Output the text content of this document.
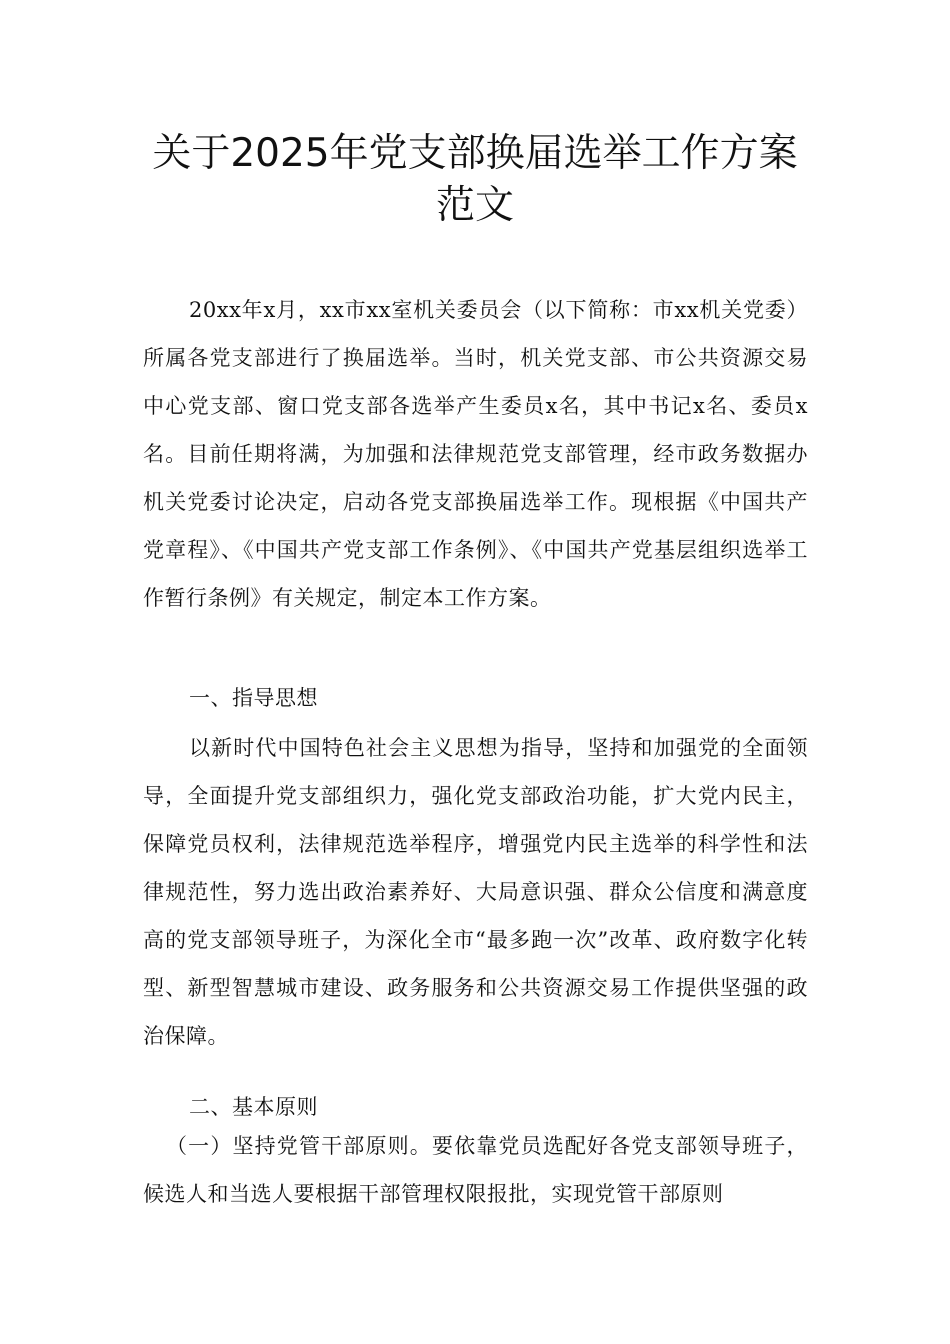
关于2025年党支部换届选举工作方案
范文

20xx年x月，xx市xx室机关委员会（以下简称：市xx机关党委）所属各党支部进行了换届选举。当时，机关党支部、市公共资源交易中心党支部、窗口党支部各选举产生委员x名，其中书记x名、委员x名。目前任期将满，为加强和法律规范党支部管理，经市政务数据办机关党委讨论决定，启动各党支部换届选举工作。现根据《中国共产党章程》、《中国共产党支部工作条例》、《中国共产党基层组织选举工作暂行条例》有关规定，制定本工作方案。

一、指导思想

以新时代中国特色社会主义思想为指导，坚持和加强党的全面领导，全面提升党支部组织力，强化党支部政治功能，扩大党内民主，保障党员权利，法律规范选举程序，增强党内民主选举的科学性和法律规范性，努力选出政治素养好、大局意识强、群众公信度和满意度高的党支部领导班子，为深化全市“最多跑一次”改革、政府数字化转型、新型智慧城市建设、政务服务和公共资源交易工作提供坚强的政治保障。

二、基本原则

（一）坚持党管干部原则。要依靠党员选配好各党支部领导班子，候选人和当选人要根据干部管理权限报批，实现党管干部原则
